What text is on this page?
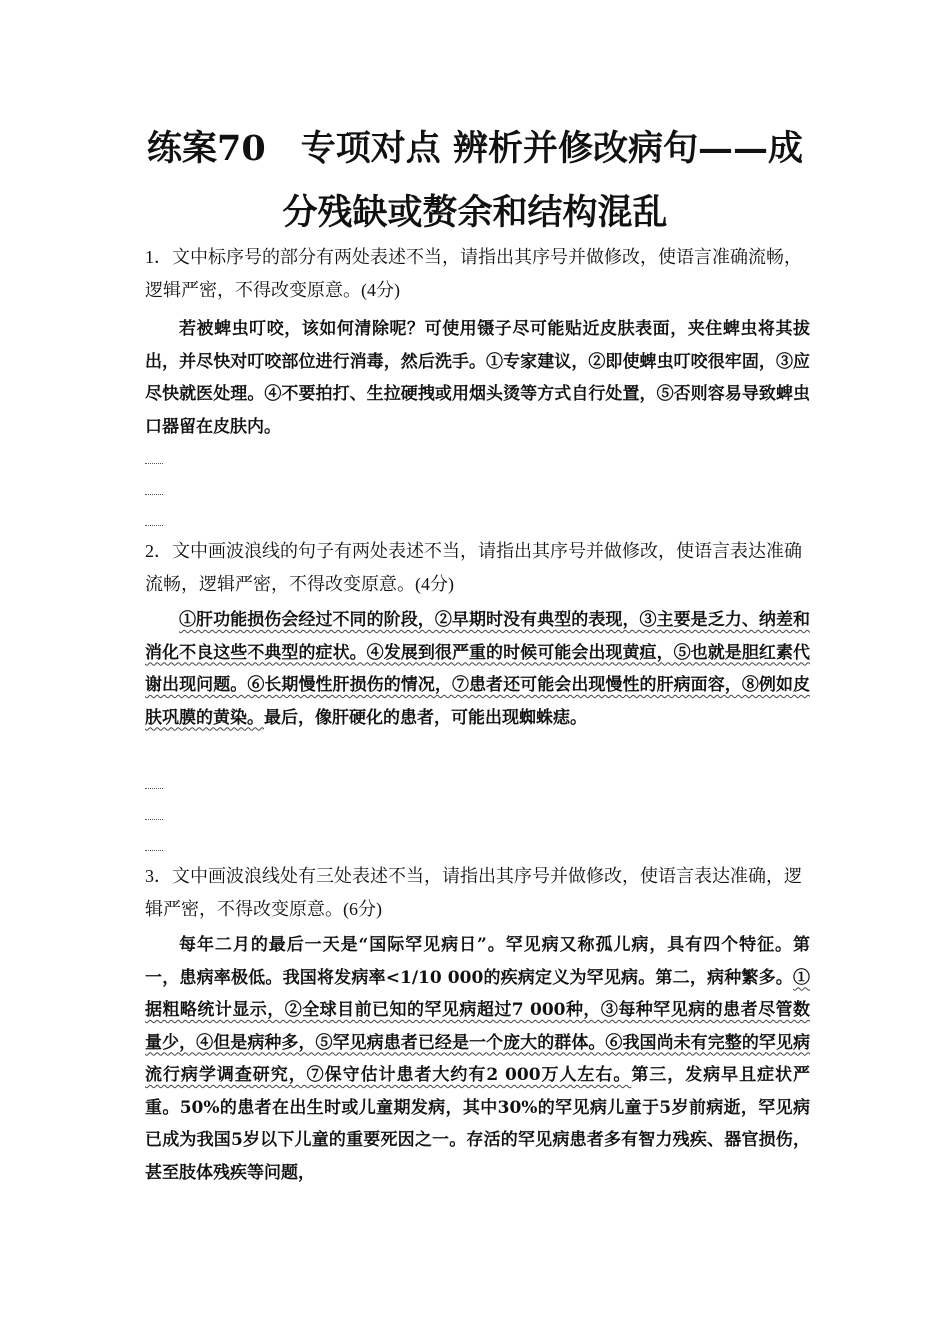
练案70　专项对点 辨析并修改病句——成
分残缺或赘余和结构混乱
1．文中标序号的部分有两处表述不当，请指出其序号并做修改，使语言准确流畅，逻辑严密，不得改变原意。(4分)
若被蜱虫叮咬，该如何清除呢？可使用镊子尽可能贴近皮肤表面，夹住蜱虫将其拔出，并尽快对叮咬部位进行消毒，然后洗手。①专家建议，②即使蜱虫叮咬很牢固，③应尽快就医处理。④不要拍打、生拉硬拽或用烟头烫等方式自行处置，⑤否则容易导致蜱虫口器留在皮肤内。
2．文中画波浪线的句子有两处表述不当，请指出其序号并做修改，使语言表达准确流畅，逻辑严密，不得改变原意。(4分)
①肝功能损伤会经过不同的阶段，②早期时没有典型的表现，③主要是乏力、纳差和消化不良这些不典型的症状。④发展到很严重的时候可能会出现黄疸，⑤也就是胆红素代谢出现问题。⑥长期慢性肝损伤的情况，⑦患者还可能会出现慢性的肝病面容，⑧例如皮肤巩膜的黄染。最后，像肝硬化的患者，可能出现蜘蛛痣。
3．文中画波浪线处有三处表述不当，请指出其序号并做修改，使语言表达准确，逻辑严密，不得改变原意。(6分)
每年二月的最后一天是“国际罕见病日”。罕见病又称孤儿病，具有四个特征。第一，患病率极低。我国将发病率<1/10 000的疾病定义为罕见病。第二，病种繁多。①据粗略统计显示，②全球目前已知的罕见病超过7 000种，③每种罕见病的患者尽管数量少，④但是病种多，⑤罕见病患者已经是一个庞大的群体。⑥我国尚未有完整的罕见病流行病学调查研究，⑦保守估计患者大约有2 000万人左右。第三，发病早且症状严重。50%的患者在出生时或儿童期发病，其中30%的罕见病儿童于5岁前病逝，罕见病已成为我国5岁以下儿童的重要死因之一。存活的罕见病患者多有智力残疾、器官损伤，甚至肢体残疾等问题，
